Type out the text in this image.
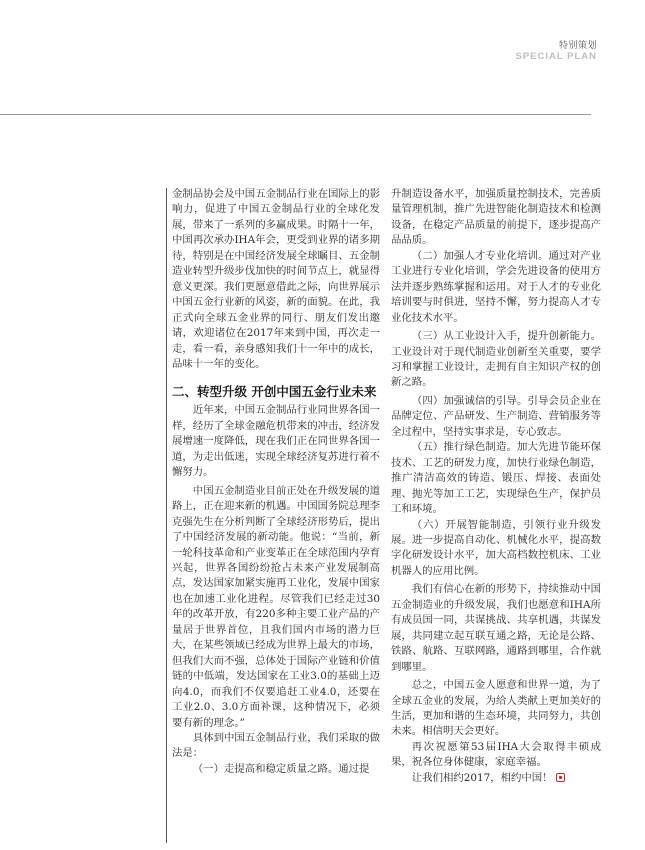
特别策划
SPECIAL PLAN

金制品协会及中国五金制品行业在国际上的影响力，促进了中国五金制品行业的全球化发展，带来了一系列的多赢成果。时隔十一年，中国再次承办IHA年会，更受到业界的诸多期待，特别是在中国经济发展全球瞩目、五金制造业转型升级步伐加快的时间节点上，就显得意义更深。我们更愿意借此之际，向世界展示中国五金行业新的风姿，新的面貌。在此，我正式向全球五金业界的同行、朋友们发出邀请，欢迎诸位在2017年来到中国，再次走一走，看一看，亲身感知我们十一年中的成长，品味十一年的变化。

二、转型升级 开创中国五金行业未来

近年来，中国五金制品行业同世界各国一样，经历了全球金融危机带来的冲击，经济发展增速一度降低，现在我们正在同世界各国一道，为走出低迷，实现全球经济复苏进行着不懈努力。

中国五金制造业目前正处在升级发展的道路上，正在迎来新的机遇。中国国务院总理李克强先生在分析判断了全球经济形势后，提出了中国经济发展的新动能。他说：“当前，新一轮科技革命和产业变革正在全球范围内孕育兴起，世界各国纷纷抢占未来产业发展制高点，发达国家加紧实施再工业化，发展中国家也在加速工业化进程。尽管我们已经走过30年的改革开放，有220多种主要工业产品的产量居于世界首位，且我们国内市场的潜力巨大，在某些领域已经成为世界上最大的市场，但我们大而不强，总体处于国际产业链和价值链的中低端，发达国家在工业3.0的基础上迈向4.0，而我们不仅要追赶工业4.0，还要在工业2.0、3.0方面补课，这种情况下，必须要有新的理念。”

具体到中国五金制品行业，我们采取的做法是：

（一）走提高和稳定质量之路。通过提

升制造设备水平，加强质量控制技术，完善质量管理机制，推广先进智能化制造技术和检测设备，在稳定产品质量的前提下，逐步提高产品品质。

（二）加强人才专业化培训。通过对产业工业进行专业化培训，学会先进设备的使用方法并逐步熟练掌握和运用。对于人才的专业化培训要与时俱进，坚持不懈，努力提高人才专业化技术水平。

（三）从工业设计入手，提升创新能力。工业设计对于现代制造业创新至关重要，要学习和掌握工业设计，走拥有自主知识产权的创新之路。

（四）加强诚信的引导。引导会员企业在品牌定位、产品研发、生产制造、营销服务等全过程中，坚持实事求是，专心致志。

（五）推行绿色制造。加大先进节能环保技术、工艺的研发力度，加快行业绿色制造，推广清洁高效的铸造、锻压、焊接、表面处理、抛光等加工工艺，实现绿色生产，保护员工和环境。

（六）开展智能制造，引领行业升级发展。进一步提高自动化、机械化水平，提高数字化研发设计水平，加大高档数控机床、工业机器人的应用比例。

我们有信心在新的形势下，持续推动中国五金制造业的升级发展，我们也愿意和IHA所有成员国一同，共谋挑战、共享机遇，共谋发展，共同建立起互联互通之路，无论是公路、铁路、航路、互联网路，通路到哪里，合作就到哪里。

总之，中国五金人愿意和世界一道，为了全球五金业的发展，为给人类献上更加美好的生活，更加和谐的生态环境，共同努力，共创未来。相信明天会更好。

再次祝愿第53届IHA大会取得丰硕成果，祝各位身体健康，家庭幸福。

让我们相约2017，相约中国！
